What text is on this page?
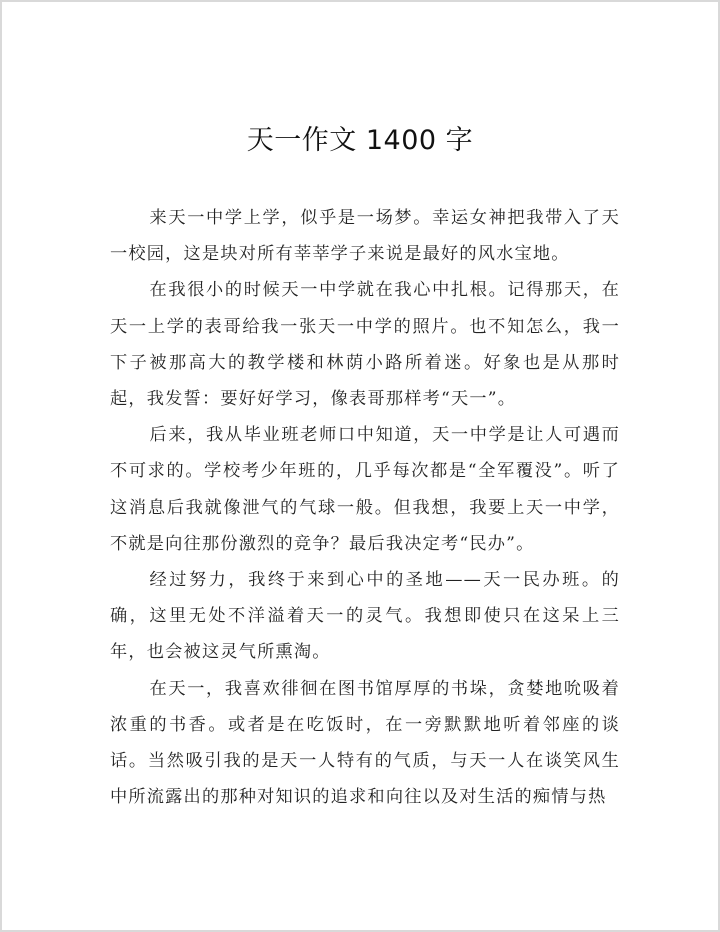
天一作文 1400 字

来天一中学上学，似乎是一场梦。幸运女神把我带入了天一校园，这是块对所有莘莘学子来说是最好的风水宝地。

在我很小的时候天一中学就在我心中扎根。记得那天，在天一上学的表哥给我一张天一中学的照片。也不知怎么，我一下子被那高大的教学楼和林荫小路所着迷。好象也是从那时起，我发誓：要好好学习，像表哥那样考“天一”。

后来，我从毕业班老师口中知道，天一中学是让人可遇而不可求的。学校考少年班的，几乎每次都是“全军覆没”。听了这消息后我就像泄气的气球一般。但我想，我要上天一中学，不就是向往那份激烈的竞争？最后我决定考“民办”。

经过努力，我终于来到心中的圣地——天一民办班。的确，这里无处不洋溢着天一的灵气。我想即使只在这呆上三年，也会被这灵气所熏淘。

在天一，我喜欢徘徊在图书馆厚厚的书垛，贪婪地吮吸着浓重的书香。或者是在吃饭时，在一旁默默地听着邻座的谈话。当然吸引我的是天一人特有的气质，与天一人在谈笑风生中所流露出的那种对知识的追求和向往以及对生活的痴情与热
